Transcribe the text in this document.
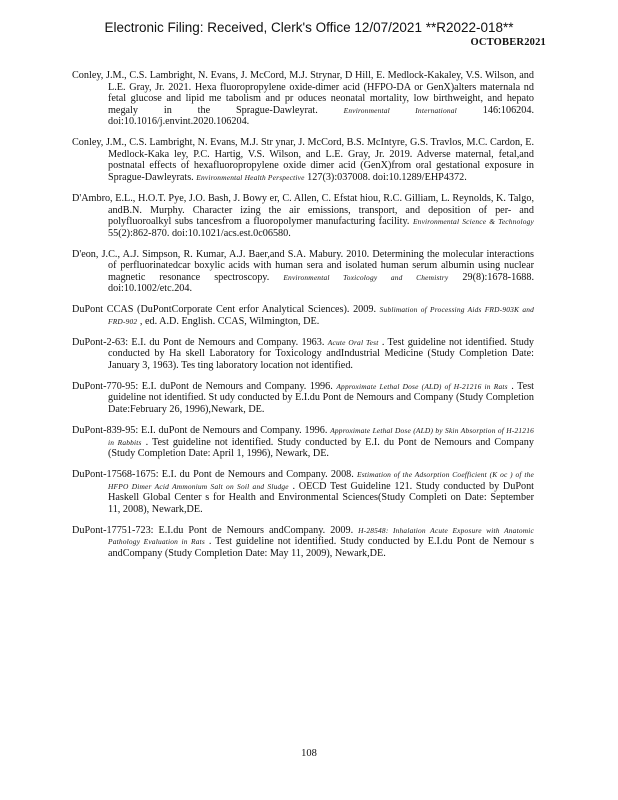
Electronic Filing: Received, Clerk's Office 12/07/2021 **R2022-018**
OCTOBER2021

Conley, J.M., C.S. Lambright, N. Evans, J. McCord, M.J. Strynar, D Hill, E. Medlock-Kakaley, V.S. Wilson, and L.E. Gray, Jr. 2021. Hexa fluoropropylene oxide-dimer acid (HFPO-DA or GenX)alters maternala nd fetal glucose and lipid me tabolism and pr oduces neonatal mortality, low birthweight, and hepato megaly in the Sprague-Dawleyrat. Environmental International 146:106204. doi:10.1016/j.envint.2020.106204.

Conley, J.M., C.S. Lambright, N. Evans, M.J. Str ynar, J. McCord, B.S. McIntyre, G.S. Travlos, M.C. Cardon, E. Medlock-Kaka ley, P.C. Hartig, V.S. Wilson, and L.E. Gray, Jr. 2019. Adverse maternal, fetal,and postnatal effects of hexafluoropropylene oxide dimer acid (GenX)from oral gestational exposure in Sprague-Dawleyrats. Environmental Health Perspective 127(3):037008. doi:10.1289/EHP4372.

D'Ambro, E.L., H.O.T. Pye, J.O. Bash, J. Bowy er, C. Allen, C. Efstat hiou, R.C. Gilliam, L. Reynolds, K. Talgo, andB.N. Murphy. Character izing the air emissions, transport, and deposition of per- and polyfluoroalkyl subs tancesfrom a fluoropolymer manufacturing facility. Environmental Science & Technology 55(2):862-870. doi:10.1021/acs.est.0c06580.

D'eon, J.C., A.J. Simpson, R. Kumar, A.J. Baer,and S.A. Mabury. 2010. Determining the molecular interactions of perfluorinatedcar boxylic acids with human sera and isolated human serum albumin using nuclear magnetic resonance spectroscopy. Environmental Toxicology and Chemistry 29(8):1678-1688. doi:10.1002/etc.204.

DuPont CCAS (DuPontCorporate Cent erfor Analytical Sciences). 2009. Sublimation of Processing Aids FRD-903K and FRD-902 , ed. A.D. English. CCAS, Wilmington, DE.

DuPont-2-63: E.I. du Pont de Nemours and Company. 1963. Acute Oral Test . Test guideline not identified. Study conducted by Ha skell Laboratory for Toxicology andIndustrial Medicine (Study Completion Date: January 3, 1963). Tes ting laboratory location not identified.

DuPont-770-95: E.I. duPont de Nemours and Company. 1996. Approximate Lethal Dose (ALD) of H-21216 in Rats . Test guideline not identified. St udy conducted by E.I.du Pont de Nemours and Company (Study Completion Date:February 26, 1996),Newark, DE.

DuPont-839-95: E.I. duPont de Nemours and Company. 1996. Approximate Lethal Dose (ALD) by Skin Absorption of H-21216 in Rabbits . Test guideline not identified. Study conducted by E.I. du Pont de Nemours and Company (Study Completion Date: April 1, 1996), Newark, DE.

DuPont-17568-1675: E.I. du Pont de Nemours and Company. 2008. Estimation of the Adsorption Coefficient (K oc ) of the HFPO Dimer Acid Ammonium Salt on Soil and Sludge . OECD Test Guideline 121. Study conducted by DuPont Haskell Global Center s for Health and Environmental Sciences(Study Completi on Date: September 11, 2008), Newark,DE.

DuPont-17751-723: E.I.du Pont de Nemours andCompany. 2009. H-28548: Inhalation Acute Exposure with Anatomic Pathology Evaluation in Rats . Test guideline not identified. Study conducted by E.I.du Pont de Nemour s andCompany (Study Completion Date: May 11, 2009), Newark,DE.

108
